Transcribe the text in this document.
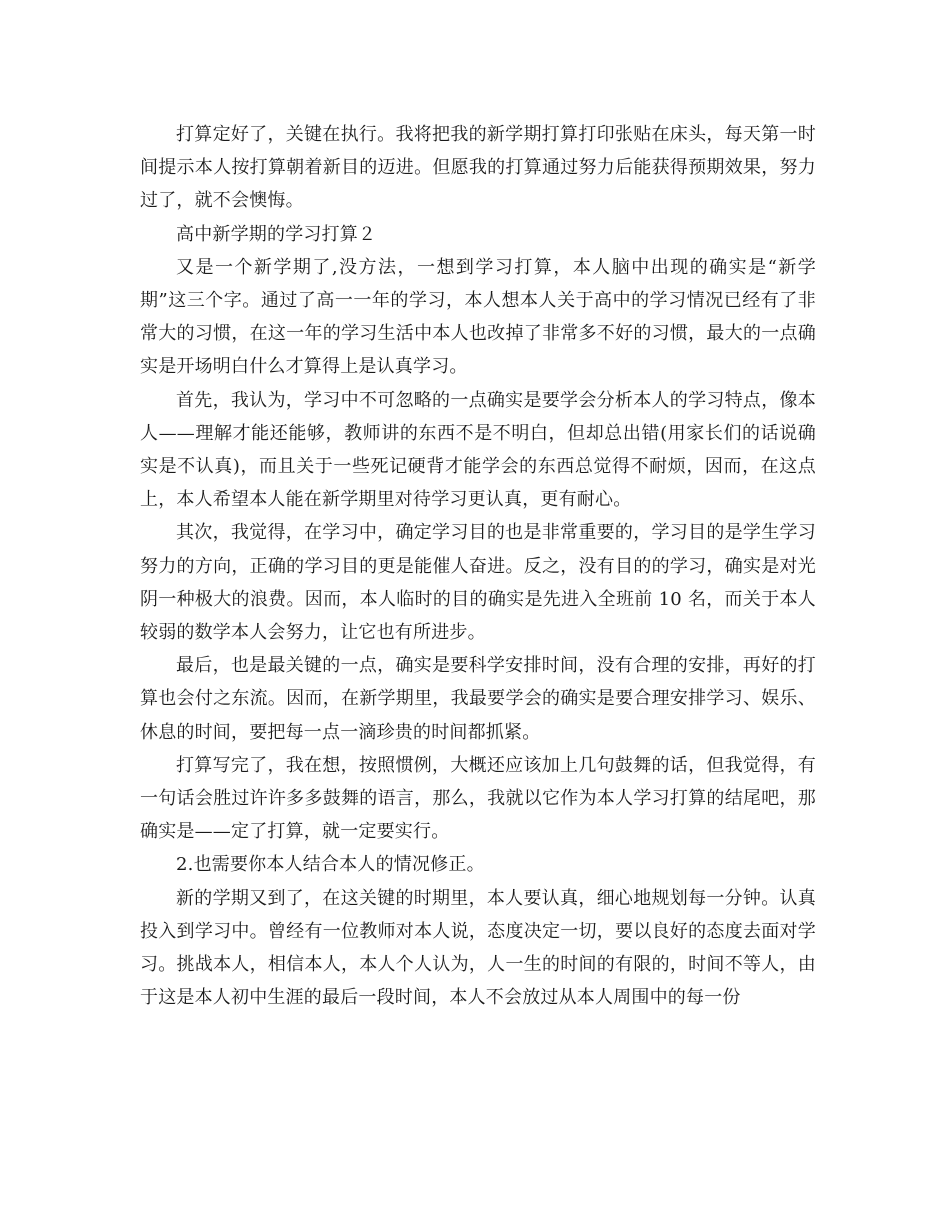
打算定好了，关键在执行。我将把我的新学期打算打印张贴在床头，每天第一时间提示本人按打算朝着新目的迈进。但愿我的打算通过努力后能获得预期效果，努力过了，就不会懊悔。

高中新学期的学习打算２

又是一个新学期了,没方法，一想到学习打算，本人脑中出现的确实是“新学期”这三个字。通过了高一一年的学习，本人想本人关于高中的学习情况已经有了非常大的习惯，在这一年的学习生活中本人也改掉了非常多不好的习惯，最大的一点确实是开场明白什么才算得上是认真学习。

首先，我认为，学习中不可忽略的一点确实是要学会分析本人的学习特点，像本人——理解才能还能够，教师讲的东西不是不明白，但却总出错(用家长们的话说确实是不认真)，而且关于一些死记硬背才能学会的东西总觉得不耐烦，因而，在这点上，本人希望本人能在新学期里对待学习更认真，更有耐心。

其次，我觉得，在学习中，确定学习目的也是非常重要的，学习目的是学生学习努力的方向，正确的学习目的更是能催人奋进。反之，没有目的的学习，确实是对光阴一种极大的浪费。因而，本人临时的目的确实是先进入全班前 10 名，而关于本人较弱的数学本人会努力，让它也有所进步。

最后，也是最关键的一点，确实是要科学安排时间，没有合理的安排，再好的打算也会付之东流。因而，在新学期里，我最要学会的确实是要合理安排学习、娱乐、休息的时间，要把每一点一滴珍贵的时间都抓紧。

打算写完了，我在想，按照惯例，大概还应该加上几句鼓舞的话，但我觉得，有一句话会胜过许许多多鼓舞的语言，那么，我就以它作为本人学习打算的结尾吧，那确实是——定了打算，就一定要实行。

2.也需要你本人结合本人的情况修正。

新的学期又到了，在这关键的时期里，本人要认真，细心地规划每一分钟。认真投入到学习中。曾经有一位教师对本人说，态度决定一切，要以良好的态度去面对学习。挑战本人，相信本人，本人个人认为，人一生的时间的有限的，时间不等人，由于这是本人初中生涯的最后一段时间，本人不会放过从本人周围中的每一份
